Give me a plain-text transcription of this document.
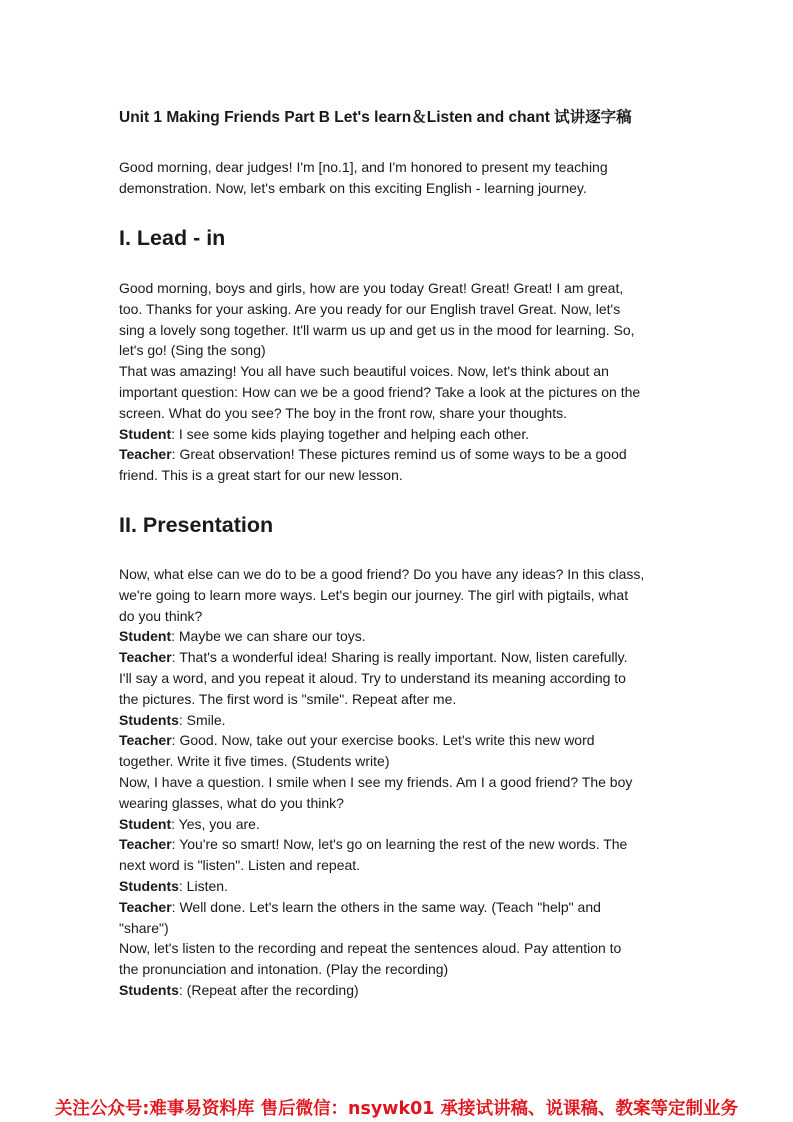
Unit 1 Making Friends Part B Let's learn＆Listen and chant 试讲逐字稿
Good morning, dear judges! I'm [no.1], and I'm honored to present my teaching
demonstration. Now, let's embark on this exciting English - learning journey.
I. Lead - in
Good morning, boys and girls, how are you today Great! Great! Great! I am great,
too. Thanks for your asking. Are you ready for our English travel Great. Now, let's
sing a lovely song together. It'll warm us up and get us in the mood for learning. So,
let's go! (Sing the song)
That was amazing! You all have such beautiful voices. Now, let's think about an
important question: How can we be a good friend? Take a look at the pictures on the
screen. What do you see? The boy in the front row, share your thoughts.
Student: I see some kids playing together and helping each other.
Teacher: Great observation! These pictures remind us of some ways to be a good
friend. This is a great start for our new lesson.
II. Presentation
Now, what else can we do to be a good friend? Do you have any ideas? In this class,
we're going to learn more ways. Let's begin our journey. The girl with pigtails, what
do you think?
Student: Maybe we can share our toys.
Teacher: That's a wonderful idea! Sharing is really important. Now, listen carefully.
I'll say a word, and you repeat it aloud. Try to understand its meaning according to
the pictures. The first word is "smile". Repeat after me.
Students: Smile.
Teacher: Good. Now, take out your exercise books. Let's write this new word
together. Write it five times. (Students write)
Now, I have a question. I smile when I see my friends. Am I a good friend? The boy
wearing glasses, what do you think?
Student: Yes, you are.
Teacher: You're so smart! Now, let's go on learning the rest of the new words. The
next word is "listen". Listen and repeat.
Students: Listen.
Teacher: Well done. Let's learn the others in the same way. (Teach "help" and
"share")
Now, let's listen to the recording and repeat the sentences aloud. Pay attention to
the pronunciation and intonation. (Play the recording)
Students: (Repeat after the recording)
关注公众号:难事易资料库 售后微信：nsywk01 承接试讲稿、说课稿、教案等定制业务
